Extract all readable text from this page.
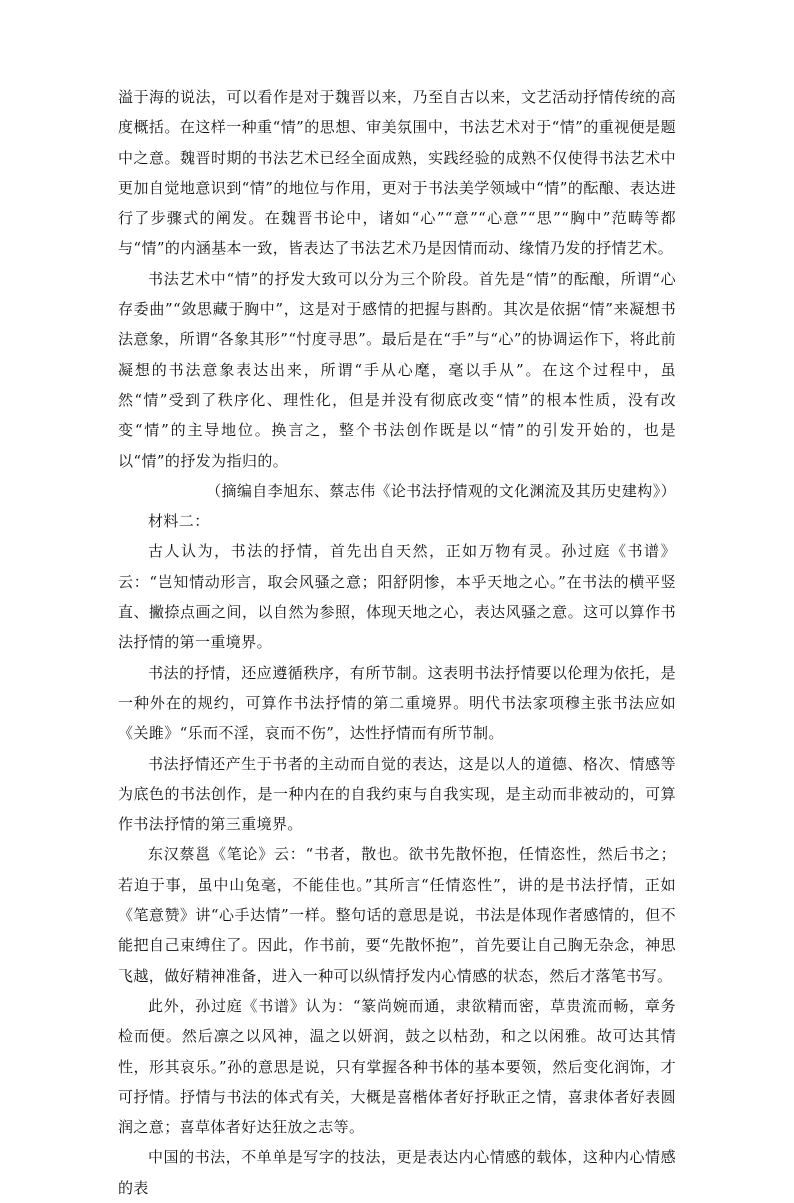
溢于海的说法，可以看作是对于魏晋以来，乃至自古以来，文艺活动抒情传统的高度概括。在这样一种重“情”的思想、审美氛围中，书法艺术对于“情”的重视便是题中之意。魏晋时期的书法艺术已经全面成熟，实践经验的成熟不仅使得书法艺术中更加自觉地意识到“情”的地位与作用，更对于书法美学领域中“情”的酝酿、表达进行了步骤式的阐发。在魏晋书论中，诸如“心”“意”“心意”“思”“胸中”范畴等都与“情”的内涵基本一致，皆表达了书法艺术乃是因情而动、缘情乃发的抒情艺术。

书法艺术中“情”的抒发大致可以分为三个阶段。首先是“情”的酝酿，所谓“心存委曲”“敛思藏于胸中”，这是对于感情的把握与斟酌。其次是依据“情”来凝想书法意象，所谓“各象其形”“忖度寻思”。最后是在“手”与“心”的协调运作下，将此前凝想的书法意象表达出来，所谓“手从心麾，毫以手从”。在这个过程中，虽然“情”受到了秩序化、理性化，但是并没有彻底改变“情”的根本性质，没有改变“情”的主导地位。换言之，整个书法创作既是以“情”的引发开始的，也是以“情”的抒发为指归的。

（摘编自李旭东、蔡志伟《论书法抒情观的文化渊流及其历史建构》）

材料二：

古人认为，书法的抒情，首先出自天然，正如万物有灵。孙过庭《书谱》云：“岂知情动形言，取会风骚之意；阳舒阴惨，本乎天地之心。”在书法的横平竖直、撇捺点画之间，以自然为参照，体现天地之心，表达风骚之意。这可以算作书法抒情的第一重境界。

书法的抒情，还应遵循秩序，有所节制。这表明书法抒情要以伦理为依托，是一种外在的规约，可算作书法抒情的第二重境界。明代书法家项穆主张书法应如《关雎》“乐而不淫，哀而不伤”，达性抒情而有所节制。

书法抒情还产生于书者的主动而自觉的表达，这是以人的道德、格次、情感等为底色的书法创作，是一种内在的自我约束与自我实现，是主动而非被动的，可算作书法抒情的第三重境界。

东汉蔡邕《笔论》云：“书者，散也。欲书先散怀抱，任情恣性，然后书之；若迫于事，虽中山兔毫，不能佳也。”其所言“任情恣性”，讲的是书法抒情，正如《笔意赞》讲“心手达情”一样。整句话的意思是说，书法是体现作者感情的，但不能把自己束缚住了。因此，作书前，要“先散怀抱”，首先要让自己胸无杂念，神思飞越，做好精神准备，进入一种可以纵情抒发内心情感的状态，然后才落笔书写。

此外，孙过庭《书谱》认为：“篆尚婉而通，隶欲精而密，草贵流而畅，章务检而便。然后凛之以风神，温之以妍润，鼓之以枯劲，和之以闲雅。故可达其情性，形其哀乐。”孙的意思是说，只有掌握各种书体的基本要领，然后变化润饰，才可抒情。抒情与书法的体式有关，大概是喜楷体者好抒耿正之情，喜隶体者好表圆润之意；喜草体者好达狂放之志等。

中国的书法，不单单是写字的技法，更是表达内心情感的载体，这种内心情感的表
